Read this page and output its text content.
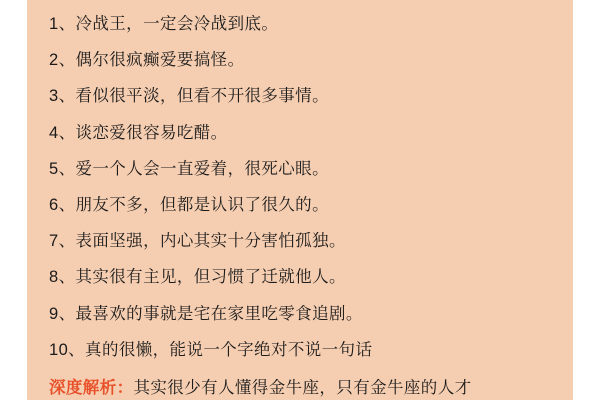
1、冷战王，一定会冷战到底。
2、偶尔很疯癫爱要搞怪。
3、看似很平淡，但看不开很多事情。
4、谈恋爱很容易吃醋。
5、爱一个人会一直爱着，很死心眼。
6、朋友不多，但都是认识了很久的。
7、表面坚强，内心其实十分害怕孤独。
8、其实很有主见，但习惯了迁就他人。
9、最喜欢的事就是宅在家里吃零食追剧。
10、真的很懒，能说一个字绝对不说一句话
深度解析：其实很少有人懂得金牛座，只有金牛座的人才
